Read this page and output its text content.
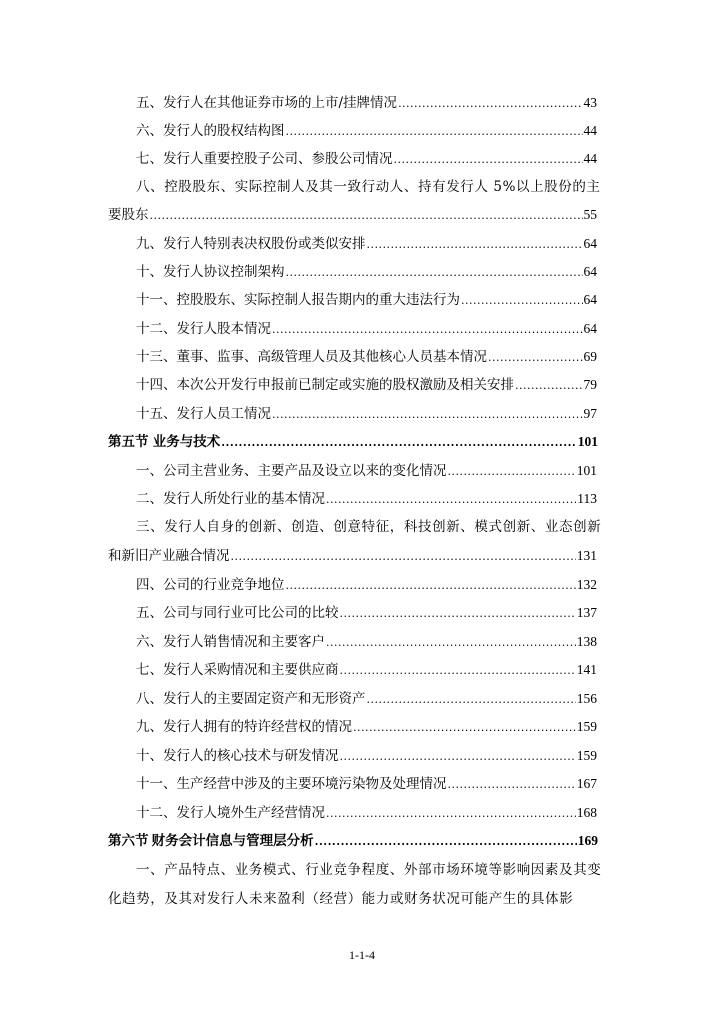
五、发行人在其他证券市场的上市/挂牌情况 .....	43
六、发行人的股权结构图 .....	44
七、发行人重要控股子公司、参股公司情况 .....	44
八、控股股东、实际控制人及其一致行动人、持有发行人 5%以上股份的主
要股东 .....	55
九、发行人特别表决权股份或类似安排 .....	64
十、发行人协议控制架构 .....	64
十一、控股股东、实际控制人报告期内的重大违法行为 .....	64
十二、发行人股本情况 .....	64
十三、董事、监事、高级管理人员及其他核心人员基本情况 .....	69
十四、本次公开发行申报前已制定或实施的股权激励及相关安排 .....	79
十五、发行人员工情况 .....	97
第五节 业务与技术 .....	101
一、公司主营业务、主要产品及设立以来的变化情况 .....	101
二、发行人所处行业的基本情况 .....	113
三、发行人自身的创新、创造、创意特征，科技创新、模式创新、业态创新
和新旧产业融合情况 .....	131
四、公司的行业竞争地位 .....	132
五、公司与同行业可比公司的比较 .....	137
六、发行人销售情况和主要客户 .....	138
七、发行人采购情况和主要供应商 .....	141
八、发行人的主要固定资产和无形资产 .....	156
九、发行人拥有的特许经营权的情况 .....	159
十、发行人的核心技术与研发情况 .....	159
十一、生产经营中涉及的主要环境污染物及处理情况 .....	167
十二、发行人境外生产经营情况 .....	168
第六节 财务会计信息与管理层分析 .....	169
一、产品特点、业务模式、行业竞争程度、外部市场环境等影响因素及其变
化趋势，及其对发行人未来盈利（经营）能力或财务状况可能产生的具体影
1-1-4
